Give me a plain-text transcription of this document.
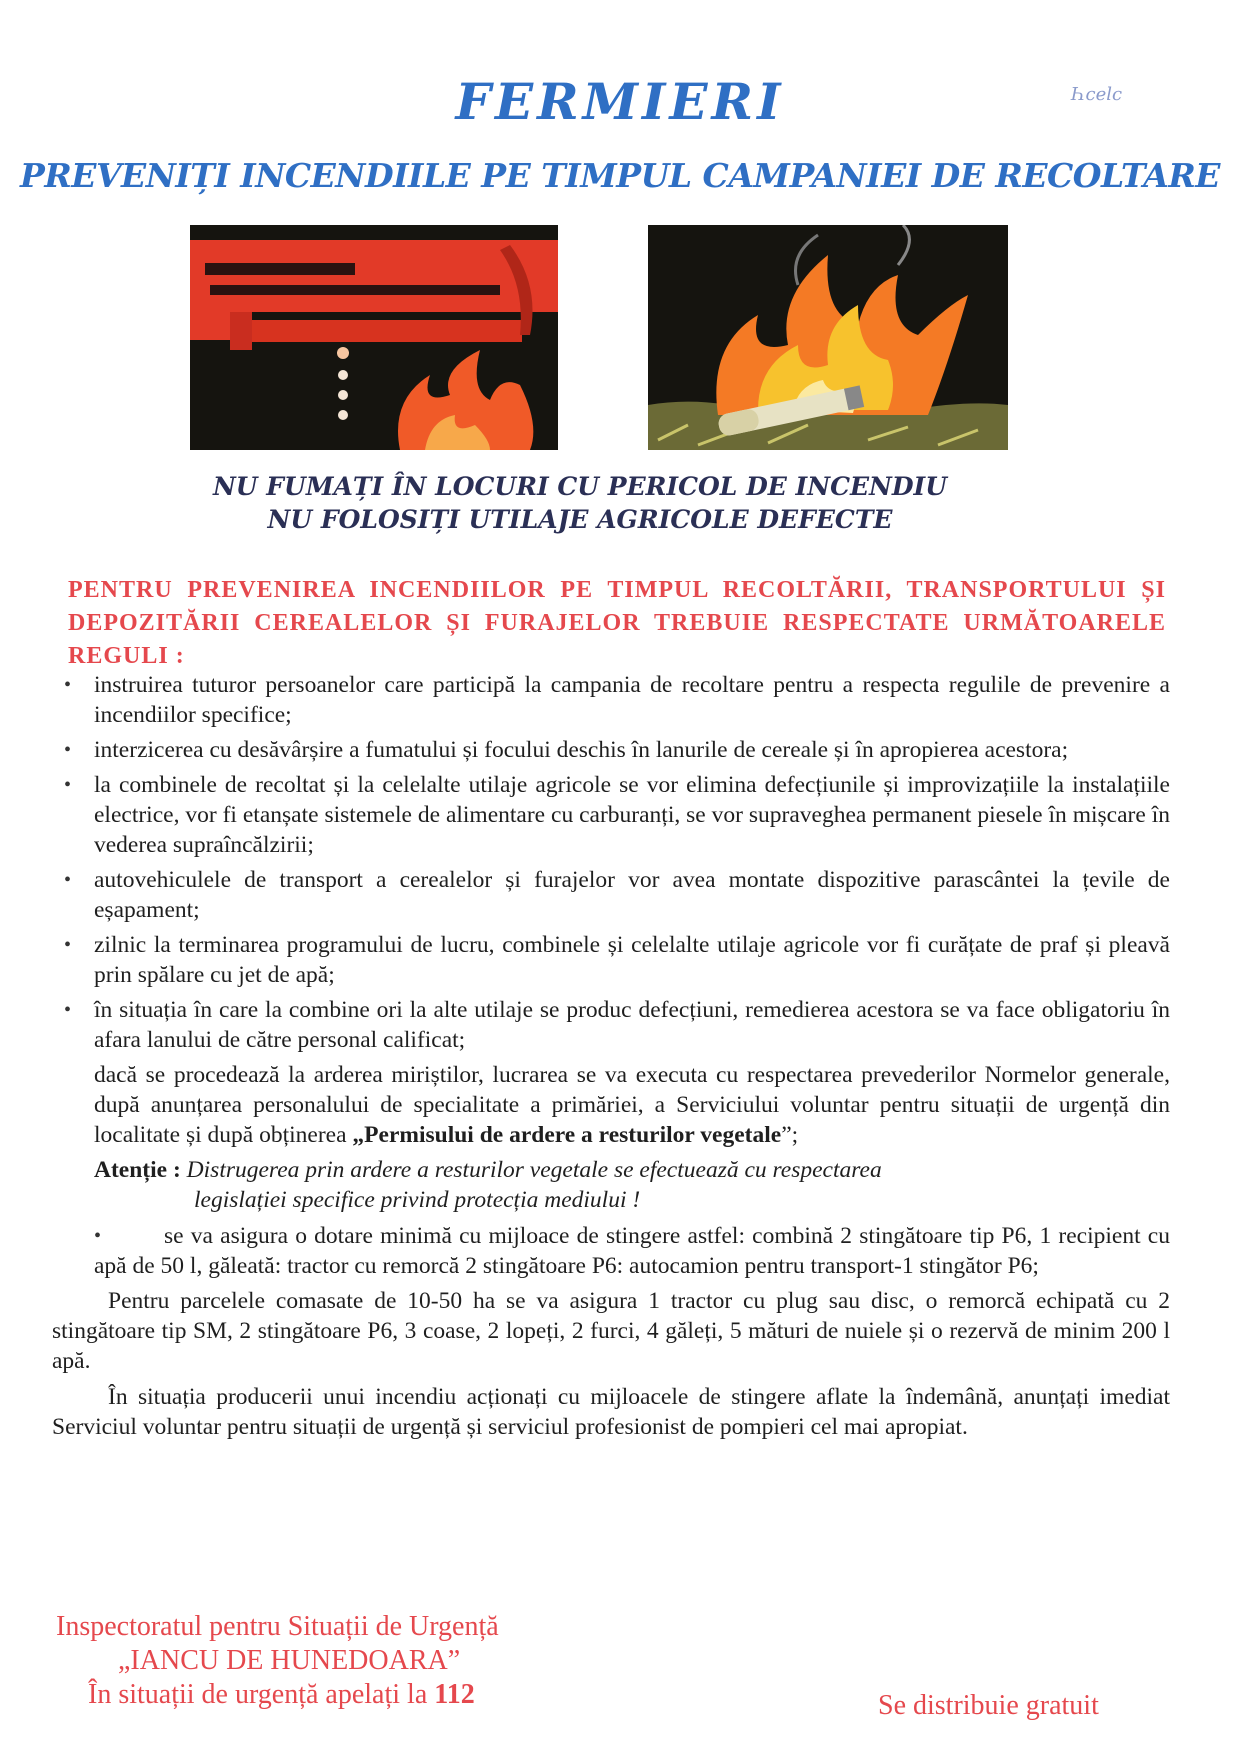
FERMIERI	Һсеlс
PREVENIȚI INCENDIILE PE TIMPUL CAMPANIEI DE RECOLTARE
NU FUMAȚI ÎN LOCURI CU PERICOL DE INCENDIU
NU FOLOSIȚI UTILAJE AGRICOLE DEFECTE
PENTRU PREVENIREA INCENDIILOR PE TIMPUL RECOLTĂRII, TRANSPORTULUI ȘI DEPOZITĂRII CEREALELOR ȘI FURAJELOR TREBUIE RESPECTATE URMĂTOARELE REGULI :
• instruirea tuturor persoanelor care participă la campania de recoltare pentru a respecta regulile de prevenire a incendiilor specifice;
• interzicerea cu desăvârșire a fumatului și focului deschis în lanurile de cereale și în apropierea acestora;
• la combinele de recoltat și la celelalte utilaje agricole se vor elimina defecțiunile și improvizațiile la instalațiile electrice, vor fi etanșate sistemele de alimentare cu carburanți, se vor supraveghea permanent piesele în mișcare în vederea supraîncălzirii;
• autovehiculele de transport a cerealelor și furajelor vor avea montate dispozitive parascântei la țevile de eșapament;
• zilnic la terminarea programului de lucru, combinele și celelalte utilaje agricole vor fi curățate de praf și pleavă prin spălare cu jet de apă;
• în situația în care la combine ori la alte utilaje se produc defecțiuni, remedierea acestora se va face obligatoriu în afara lanului de către personal calificat;
dacă se procedează la arderea miriștilor, lucrarea se va executa cu respectarea prevederilor Normelor generale, după anunțarea personalului de specialitate a primăriei, a Serviciului voluntar pentru situații de urgență din localitate și după obținerea „Permisului de ardere a resturilor vegetale”;
Atenție : Distrugerea prin ardere a resturilor vegetale se efectuează cu respectarea
legislației specifice privind protecția mediului !
•	se va asigura o dotare minimă cu mijloace de stingere astfel: combină 2 stingătoare tip P6, 1 recipient cu apă de 50 l, găleată: tractor cu remorcă 2 stingătoare P6: autocamion pentru transport-1 stingător P6;
Pentru parcelele comasate de 10-50 ha se va asigura 1 tractor cu plug sau disc, o remorcă echipată cu 2 stingătoare tip SM, 2 stingătoare P6, 3 coase, 2 lopeți, 2 furci, 4 găleți, 5 mături de nuiele și o rezervă de minim 200 l apă.
În situația producerii unui incendiu acționați cu mijloacele de stingere aflate la îndemână, anunțați imediat Serviciul voluntar pentru situații de urgență și serviciul profesionist de pompieri cel mai apropiat.
Inspectoratul pentru Situații de Urgență
„IANCU DE HUNEDOARA”
În situații de urgență apelați la 112	Se distribuie gratuit
